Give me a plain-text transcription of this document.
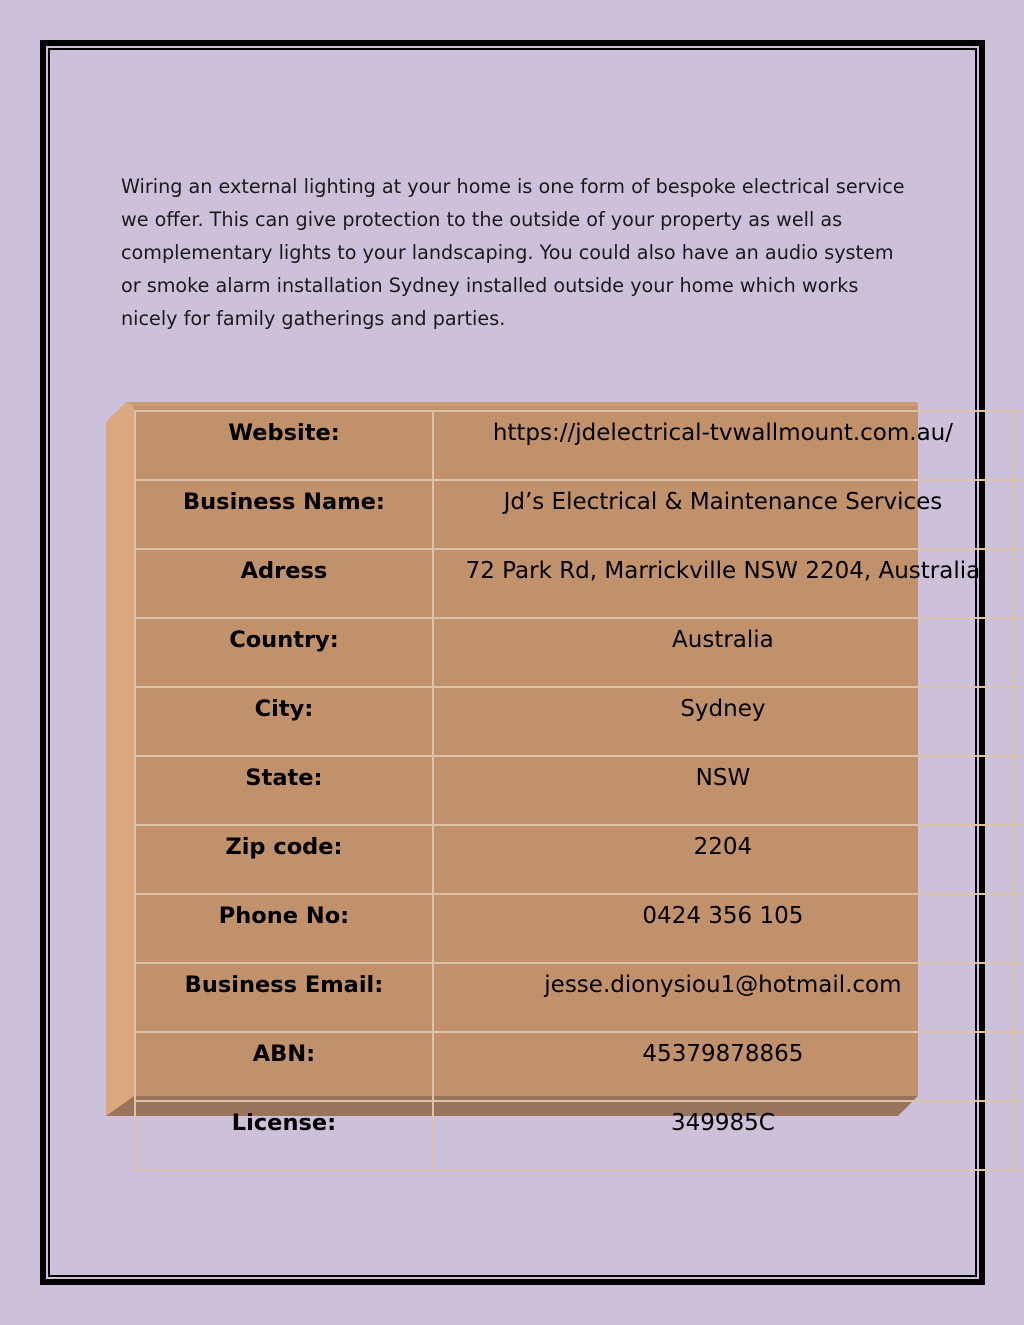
Wiring an external lighting at your home is one form of bespoke electrical service we offer. This can give protection to the outside of your property as well as complementary lights to your landscaping. You could also have an audio system or smoke alarm installation Sydney installed outside your home which works nicely for family gatherings and parties.

Website:	https://jdelectrical-tvwallmount.com.au/	
Business Name:	Jd’s Electrical & Maintenance Services	
Adress	72 Park Rd, Marrickville NSW 2204, Australia	
Country:	Australia	
City:	Sydney	
State:	NSW	
Zip code:	2204	
Phone No:	0424 356 105	
Business Email:	jesse.dionysiou1@hotmail.com	
ABN:	45379878865	
License:	349985C	
